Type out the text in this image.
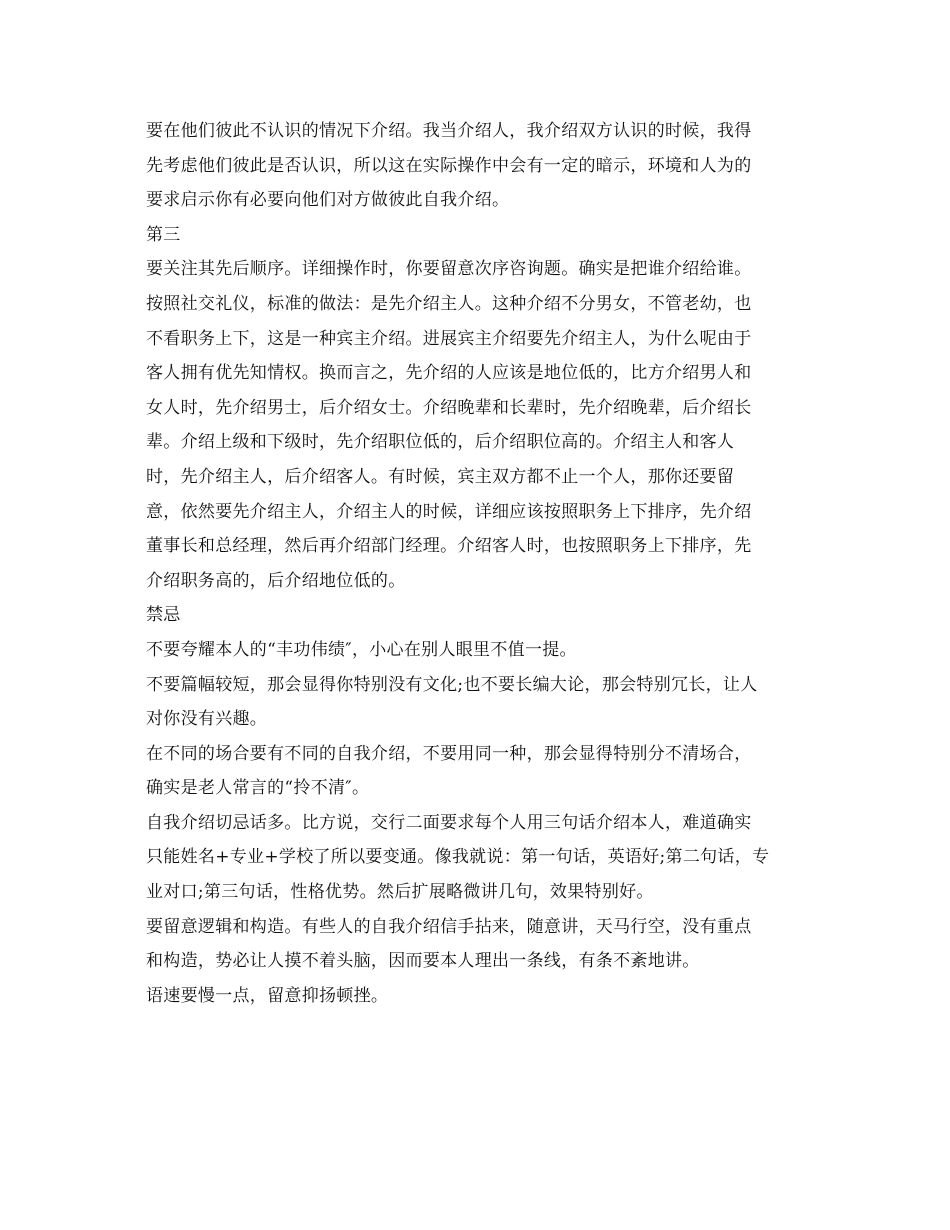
要在他们彼此不认识的情况下介绍。我当介绍人，我介绍双方认识的时候，我得
先考虑他们彼此是否认识，所以这在实际操作中会有一定的暗示，环境和人为的
要求启示你有必要向他们对方做彼此自我介绍。
第三
要关注其先后顺序。详细操作时，你要留意次序咨询题。确实是把谁介绍给谁。
按照社交礼仪，标准的做法：是先介绍主人。这种介绍不分男女，不管老幼，也
不看职务上下，这是一种宾主介绍。进展宾主介绍要先介绍主人，为什么呢由于
客人拥有优先知情权。换而言之，先介绍的人应该是地位低的，比方介绍男人和
女人时，先介绍男士，后介绍女士。介绍晚辈和长辈时，先介绍晚辈，后介绍长
辈。介绍上级和下级时，先介绍职位低的，后介绍职位高的。介绍主人和客人
时，先介绍主人，后介绍客人。有时候，宾主双方都不止一个人，那你还要留
意，依然要先介绍主人，介绍主人的时候，详细应该按照职务上下排序，先介绍
董事长和总经理，然后再介绍部门经理。介绍客人时，也按照职务上下排序，先
介绍职务高的，后介绍地位低的。
禁忌
不要夸耀本人的“丰功伟绩″，小心在别人眼里不值一提。
不要篇幅较短，那会显得你特别没有文化;也不要长编大论，那会特别冗长，让人
对你没有兴趣。
在不同的场合要有不同的自我介绍，不要用同一种，那会显得特别分不清场合，
确实是老人常言的“拎不清″。
自我介绍切忌话多。比方说，交行二面要求每个人用三句话介绍本人，难道确实
只能姓名+专业+学校了所以要变通。像我就说：第一句话，英语好;第二句话，专
业对口;第三句话，性格优势。然后扩展略微讲几句，效果特别好。
要留意逻辑和构造。有些人的自我介绍信手拈来，随意讲，天马行空，没有重点
和构造，势必让人摸不着头脑，因而要本人理出一条线，有条不紊地讲。
语速要慢一点，留意抑扬顿挫。
